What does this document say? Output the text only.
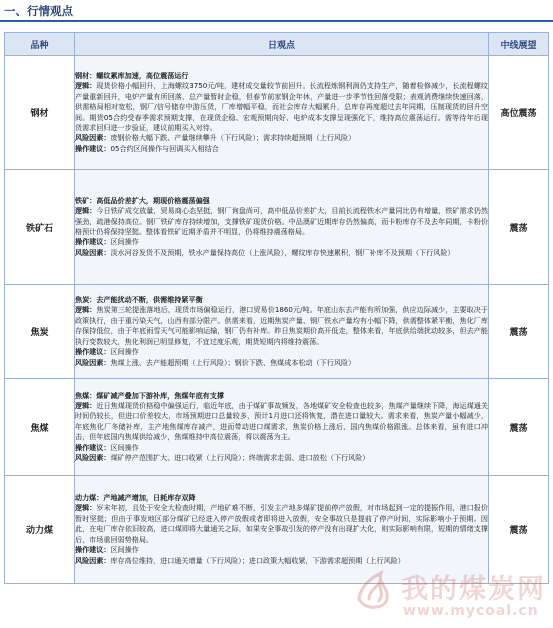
一、行情观点
品种	日观点	中线展望
钢材	钢材：螺纹累库加速，高位震荡运行

逻辑：现货价格小幅回升，上海螺纹3750元/吨，建材成交量较节前回升。长流程炼钢利润仍支持生产，随着检修减少，长流程螺纹产量重新回升，电炉产量有所回落，总产量暂时企稳，但春节前家钢企年休，产量进一步季节性回落受限；表观消费继续快速回落，供需格局相对宽松，钢厂/信号储存中游压货，厂库增幅平稳，而社会库存大幅累升，总库存再度超过去年同期，压制现货的回升空间。期货05合约受春季需求预期支撑，在现货企稳、宏观预期向好、电炉成本支撑呈现强化下，维持高位震荡运行。需等待年后现货需求回归进一步验证，建议前期买入对待。

风险因素：废钢价格大幅下跌、产量继续攀升（下行风险）；需求持续超预期（上行风险）

操作建议：05合约区间操作与回调买入相结合	高位震荡
铁矿石	铁矿：高低品价差扩大，期现价格震荡偏强

逻辑：今日铁矿成交放量，贸易商心态坚挺，钢厂询盘尚可，高中低品价差扩大，目前长流程铁水产量同比仍有增量，铁矿需求仍然强劲，疏港保持高位。钢厂铁矿库存持续增加，支撑铁矿现货价格。中品澳矿近期库存仍然偏高，而卡粉库存不及去年同期，卡粉价格预计仍将保持坚挺。整体看铁矿近期矛盾并不明显，仍将维持震荡格局。

操作建议：区间操作

风险因素：淡水河谷发货不及预期，铁水产量保持高位（上涨风险），螺纹库存快速累积，钢厂补库不及预期（下行风险）	震荡
焦炭	焦炭：去产能扰动不断，供需维持紧平衡

逻辑：焦炭第三轮提涨落地后，现货市场偏稳运行，港口贸易价1860元/吨。年底山东去产能有所加强，供应边际减少，主要取决于政策执行，由于重污染天气，山西有部分限产。供需来看，近期焦炭产量、钢厂铁水产量均有小幅下降，供需整体紧平衡，焦化厂库存保持低位，由于年底雨雪天气可能影响运输，钢厂仍有补库。昨日焦炭期价高开低走，整体来看，年底供给端扰动较多，但去产能执行变数较大，焦化利润已明显修复，不宜过度乐观，期货短期内将维持震荡。

操作建议：区间操作

风险因素：焦煤上涨、去产能超预期（上行风险）；钢价下跌、焦煤成本松动（下行风险）	震荡
焦煤	焦煤：煤矿减产叠加下游补库，焦煤年底有支撑

逻辑：近日焦煤现货价格稳中偏强运行，临近年底，由于煤矿事故频发，各地煤矿安全检查也较多，焦煤产量继续下降，海运煤通关时间仍较长，但进口价差较大，市场预期进口总量较多，预计1月进口还将恢复，潜在进口量较大。需求来看，焦炭产量小幅减少，年底焦化厂冬储补库，主产地焦煤库存减产，进而带动进口煤需求，焦炭价格上涨后，国内焦煤价格跟涨。总体来看，虽有进口冲击，但年底国内焦煤供给减少，焦煤维持中高位震荡，将以震荡为主。

操作建议：区间操作

风险因素：煤矿停产范围扩大、进口收紧（上行风险）；终端需求走弱、进口放松（下行风险）	震荡
动力煤	动力煤：产地减产增加，日耗库存双降

逻辑：岁末年初，且处于安全大检查时期，产地矿难不断，引发主产地多煤矿提前停产放假，对市场起到一定的提振作用，港口报价暂时坚挺；但由于事发地区部分煤矿已经进入停产放假或者即将进入放假，安全事故只是提前了停产时间，实际影响小于预期。因此，在电厂库存依旧较高，进口煤即将大量通关之际，如果安全事故引发的停产没有出现扩大化，则实际影响有限，短期的情绪支撑后，市场重回弱势格局。

操作建议：区间操作

风险因素：库存高位维持，进口通关增量（下行风险）；进口政策大幅收紧，下游需求超预期（上行风险）	震荡
我的煤炭网
www.mycoal.cn
